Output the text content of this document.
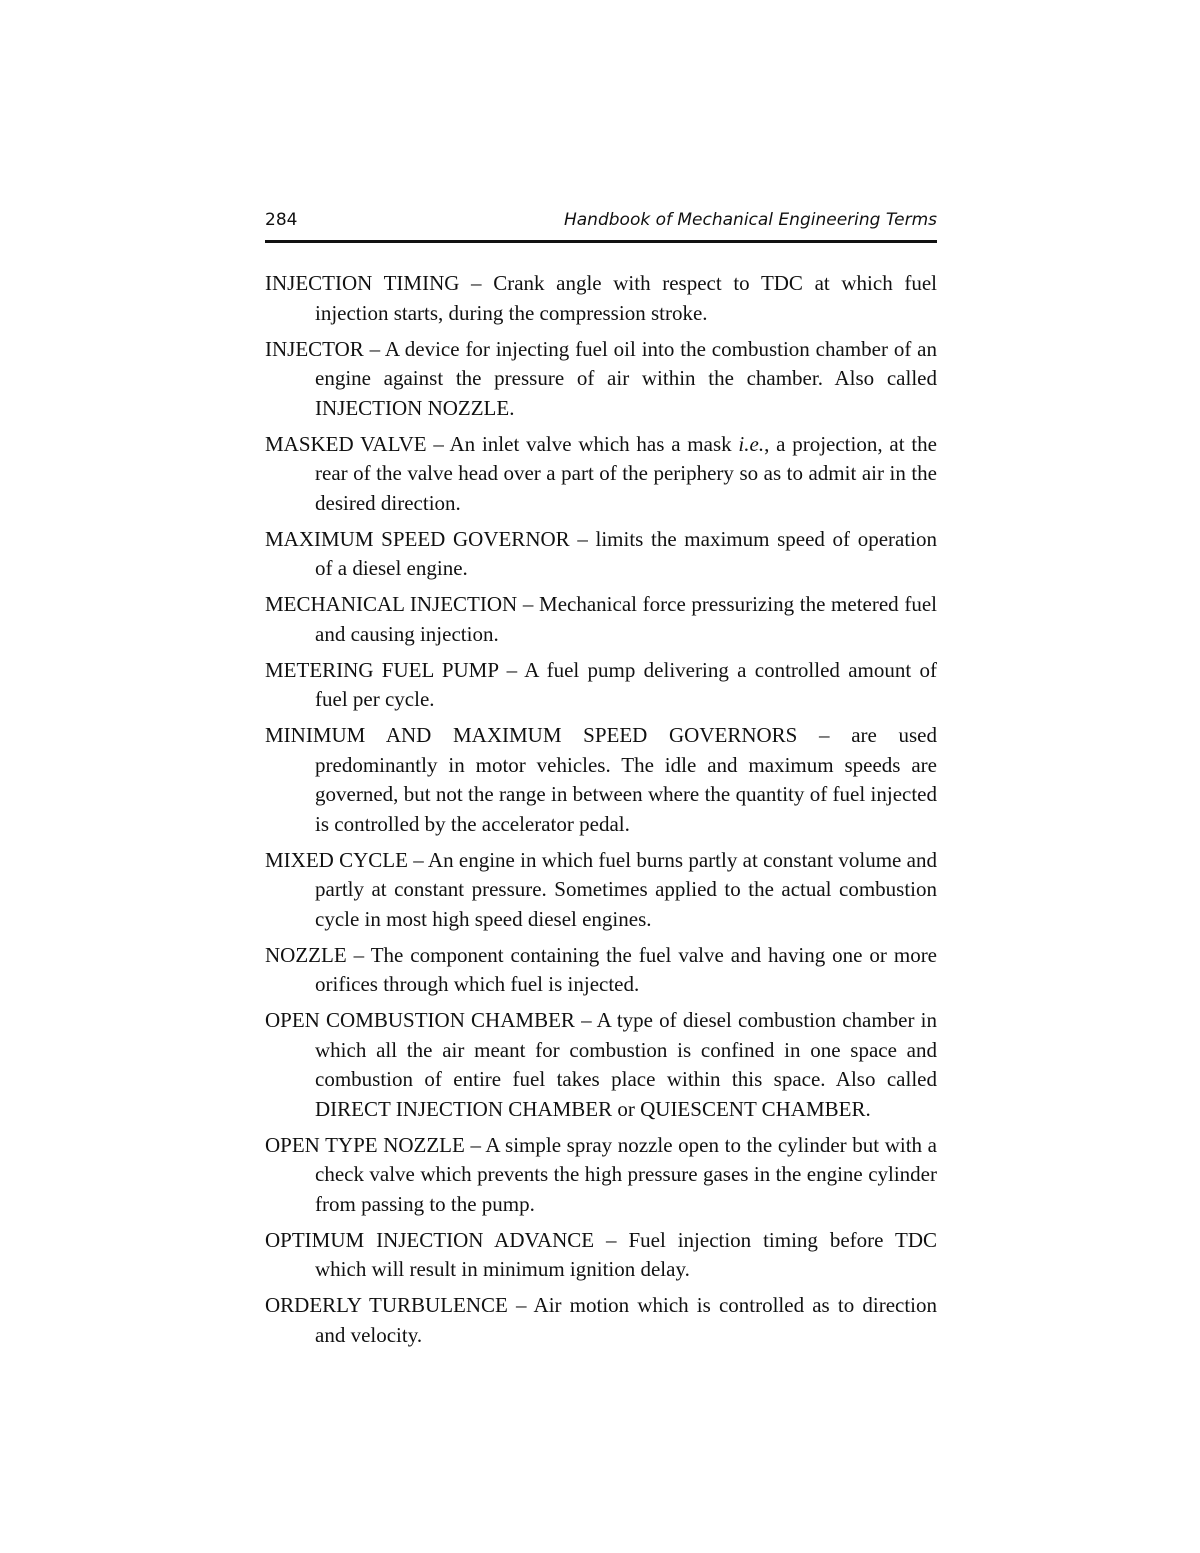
284	Handbook of Mechanical Engineering Terms

INJECTION TIMING – Crank angle with respect to TDC at which fuel injection starts, during the compression stroke.

INJECTOR – A device for injecting fuel oil into the combustion chamber of an engine against the pressure of air within the chamber. Also called INJECTION NOZZLE.

MASKED VALVE – An inlet valve which has a mask i.e., a projection, at the rear of the valve head over a part of the periphery so as to admit air in the desired direction.

MAXIMUM SPEED GOVERNOR – limits the maximum speed of operation of a diesel engine.

MECHANICAL INJECTION – Mechanical force pressurizing the metered fuel and causing injection.

METERING FUEL PUMP – A fuel pump delivering a controlled amount of fuel per cycle.

MINIMUM AND MAXIMUM SPEED GOVERNORS – are used predominantly in motor vehicles. The idle and maximum speeds are governed, but not the range in between where the quantity of fuel injected is controlled by the accelerator pedal.

MIXED CYCLE – An engine in which fuel burns partly at constant volume and partly at constant pressure. Sometimes applied to the actual combustion cycle in most high speed diesel engines.

NOZZLE – The component containing the fuel valve and having one or more orifices through which fuel is injected.

OPEN COMBUSTION CHAMBER – A type of diesel combustion chamber in which all the air meant for combustion is confined in one space and combustion of entire fuel takes place within this space. Also called DIRECT INJECTION CHAMBER or QUIESCENT CHAMBER.

OPEN TYPE NOZZLE – A simple spray nozzle open to the cylinder but with a check valve which prevents the high pressure gases in the engine cylinder from passing to the pump.

OPTIMUM INJECTION ADVANCE – Fuel injection timing before TDC which will result in minimum ignition delay.

ORDERLY TURBULENCE – Air motion which is controlled as to direction and velocity.
